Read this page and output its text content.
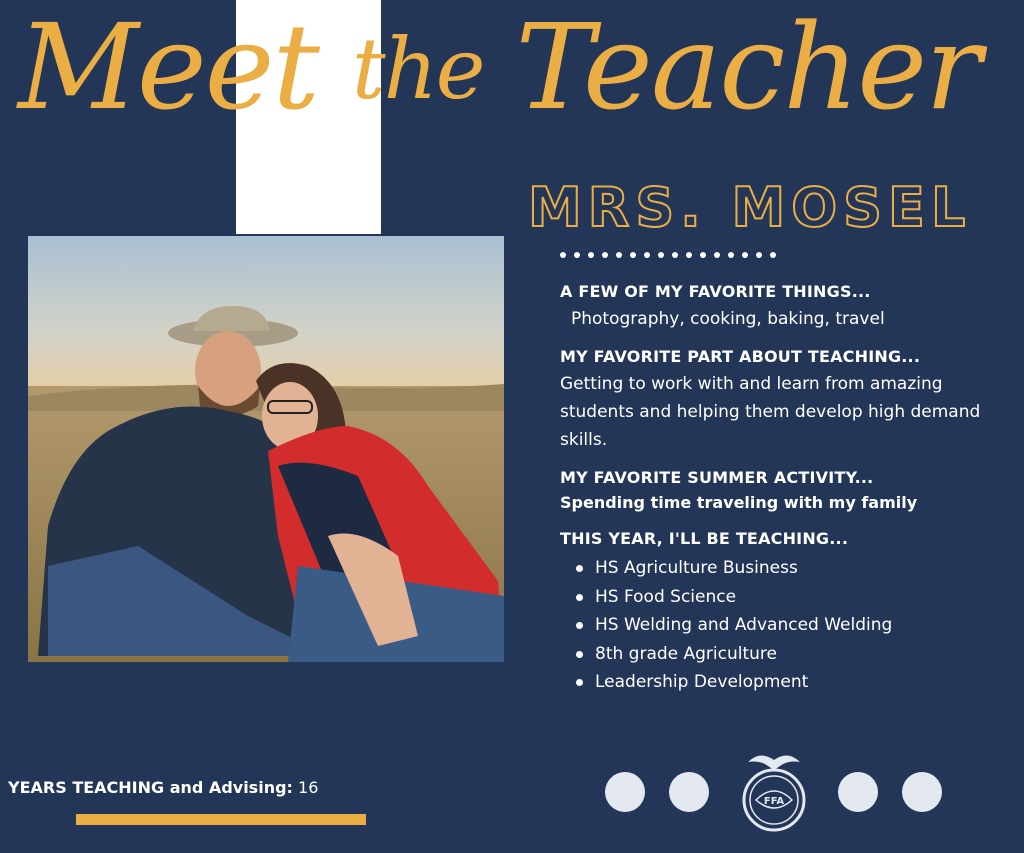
Meet the Teacher
MRS. MOSEL
A FEW OF MY FAVORITE THINGS...
Photography, cooking, baking, travel
MY FAVORITE PART ABOUT TEACHING...
Getting to work with and learn from amazing students and helping them develop high demand skills.
MY FAVORITE SUMMER ACTIVITY...
Spending time traveling with my family
THIS YEAR, I'LL BE TEACHING...
HS Agriculture Business
HS Food Science
HS Welding and Advanced Welding
8th grade Agriculture
Leadership Development
YEARS TEACHING and Advising: 16
FFA
